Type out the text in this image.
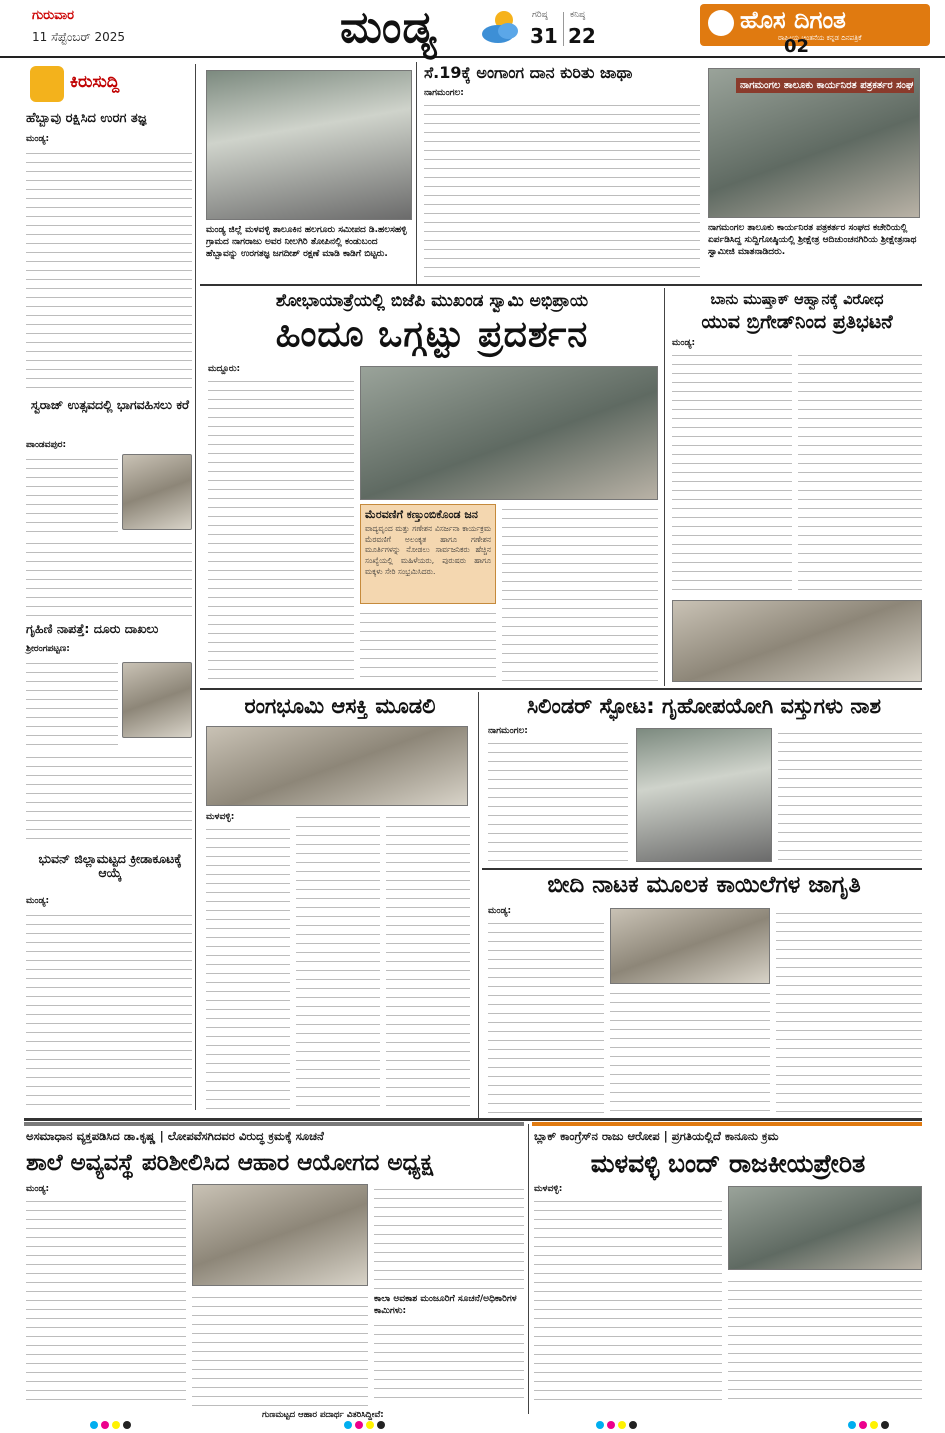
ಗುರುವಾರ
11 ಸೆಪ್ಟೆಂಬರ್ 2025	ಮಂಡ್ಯ	ಗರಿಷ್ಠ
31
ಕನಿಷ್ಠ
22
ಹೊಸ ದಿಗಂತ
ರಾಷ್ಟ್ರೀಯ ಚಿಂತನೆಯ ಕನ್ನಡ ದಿನಪತ್ರಿಕೆ
02
ಕಿರುಸುದ್ದಿ
ಹೆಬ್ಬಾವು ರಕ್ಷಿಸಿದ ಉರಗ ತಜ್ಞ
ಮಂಡ್ಯ:
ಸ್ವರಾಜ್ ಉತ್ಸವದಲ್ಲಿ ಭಾಗವಹಿಸಲು ಕರೆ
ಪಾಂಡವಪುರ:
ಗೃಹಿಣಿ ನಾಪತ್ತೆ: ದೂರು ದಾಖಲು
ಶ್ರೀರಂಗಪಟ್ಟಣ:
ಭುವನ್ ಜಿಲ್ಲಾಮಟ್ಟದ ಕ್ರೀಡಾಕೂಟಕ್ಕೆ ಆಯ್ಕೆ
ಮಂಡ್ಯ:
ಮಂಡ್ಯ ಜಿಲ್ಲೆ ಮಳವಳ್ಳಿ ತಾಲೂಕಿನ ಹಲಗೂರು ಸಮೀಪದ ಡಿ.ಹಲಸಹಳ್ಳಿ ಗ್ರಾಮದ ನಾಗರಾಜು ಅವರ ನೀಲಗಿರಿ ತೋಪಿನಲ್ಲಿ ಕಂಡುಬಂದ ಹೆಬ್ಬಾವನ್ನು ಉರಗತಜ್ಞ ಜಗದೀಶ್ ರಕ್ಷಣೆ ಮಾಡಿ ಕಾಡಿಗೆ ಬಿಟ್ಟರು.
ಸೆ.19ಕ್ಕೆ ಅಂಗಾಂಗ ದಾನ ಕುರಿತು ಜಾಥಾ
ನಾಗಮಂಗಲ:
ನಾಗಮಂಗಲ ತಾಲೂಕು ಕಾರ್ಯನಿರತ ಪತ್ರಕರ್ತರ ಸಂಘ
ನಾಗಮಂಗಲ ತಾಲೂಕು ಕಾರ್ಯನಿರತ ಪತ್ರಕರ್ತರ ಸಂಘದ ಕಚೇರಿಯಲ್ಲಿ ಏರ್ಪಡಿಸಿದ್ದ ಸುದ್ದಿಗೋಷ್ಠಿಯಲ್ಲಿ ಶ್ರೀಕ್ಷೇತ್ರ ಆದಿಚುಂಚನಗಿರಿಯ ಶ್ರೀಕ್ಷೇತ್ರನಾಥ ಸ್ವಾಮೀಜಿ ಮಾತನಾಡಿದರು.
ಶೋಭಾಯಾತ್ರೆಯಲ್ಲಿ ಬಿಜೆಪಿ ಮುಖಂಡ ಸ್ವಾಮಿ ಅಭಿಪ್ರಾಯ
ಹಿಂದೂ ಒಗ್ಗಟ್ಟು ಪ್ರದರ್ಶನ
ಮದ್ದೂರು:
ಮೆರವಣಿಗೆ ಕಣ್ತುಂಬಿಕೊಂಡ ಜನ
ವಾದ್ಯವೃಂದ ಮತ್ತು ಗಣೇಶನ ವಿಸರ್ಜನಾ ಕಾರ್ಯಕ್ರಮ ಮೆರವಣಿಗೆ ಅಲಂಕೃತ ಹಾಗೂ ಗಣೇಶನ ಮೂರ್ತಿಗಳನ್ನು ನೋಡಲು ಸಾರ್ವಜನಿಕರು ಹೆಚ್ಚಿನ ಸಂಖ್ಯೆಯಲ್ಲಿ ಮಹಿಳೆಯರು, ಪುರುಷರು ಹಾಗೂ ಮಕ್ಕಳು ಸೇರಿ ಸಂಭ್ರಮಿಸಿದರು.
ಬಾನು ಮುಷ್ತಾಕ್ ಆಹ್ವಾನಕ್ಕೆ ವಿರೋಧ
ಯುವ ಬ್ರಿಗೇಡ್‌ನಿಂದ ಪ್ರತಿಭಟನೆ
ಮಂಡ್ಯ:
ರಂಗಭೂಮಿ ಆಸಕ್ತಿ ಮೂಡಲಿ
ಮಳವಳ್ಳಿ:
ಸಿಲಿಂಡರ್ ಸ್ಫೋಟ: ಗೃಹೋಪಯೋಗಿ ವಸ್ತುಗಳು ನಾಶ
ನಾಗಮಂಗಲ:
ಬೀದಿ ನಾಟಕ ಮೂಲಕ ಕಾಯಿಲೆಗಳ ಜಾಗೃತಿ
ಮಂಡ್ಯ:
ಅಸಮಾಧಾನ ವ್ಯಕ್ತಪಡಿಸಿದ ಡಾ.ಕೃಷ್ಣ | ಲೋಪವೆಸಗಿದವರ ವಿರುದ್ಧ ಕ್ರಮಕ್ಕೆ ಸೂಚನೆ
ಶಾಲೆ ಅವ್ಯವಸ್ಥೆ ಪರಿಶೀಲಿಸಿದ ಆಹಾರ ಆಯೋಗದ ಅಧ್ಯಕ್ಷ
ಮಂಡ್ಯ:
ಕಾಲಾ ಅವಕಾಶ ಮಂಜೂರಿಗೆ ಸೂಚನೆ/ಅಧಿಕಾರಿಗಳ ಕಾಮಿಗಳು:
ಗುಣಮಟ್ಟದ ಆಹಾರ ಪದಾರ್ಥ ವಿತರಿಸಿದ್ದೀವೆ:
ಬ್ಲಾಕ್ ಕಾಂಗ್ರೆಸ್‌ನ ರಾಜು ಆರೋಪ | ಪ್ರಗತಿಯಲ್ಲಿದೆ ಕಾನೂನು ಕ್ರಮ
ಮಳವಳ್ಳಿ ಬಂದ್ ರಾಜಕೀಯಪ್ರೇರಿತ
ಮಳವಳ್ಳಿ:
